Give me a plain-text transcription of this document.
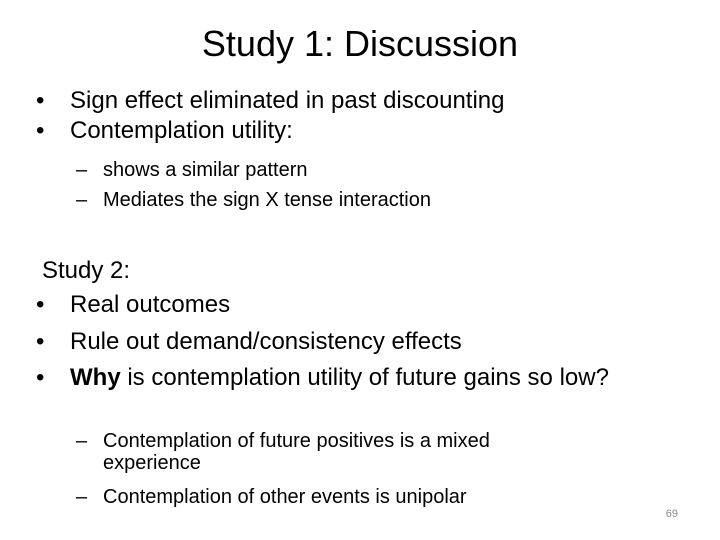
Study 1: Discussion
• Sign effect eliminated in past discounting
• Contemplation utility:
– shows a similar pattern
– Mediates the sign X tense interaction
Study 2:
• Real outcomes
• Rule out demand/consistency effects
•	Why is contemplation utility of future gains so low?
– Contemplation of future positives is a mixed experience
– Contemplation of other events is unipolar
69
